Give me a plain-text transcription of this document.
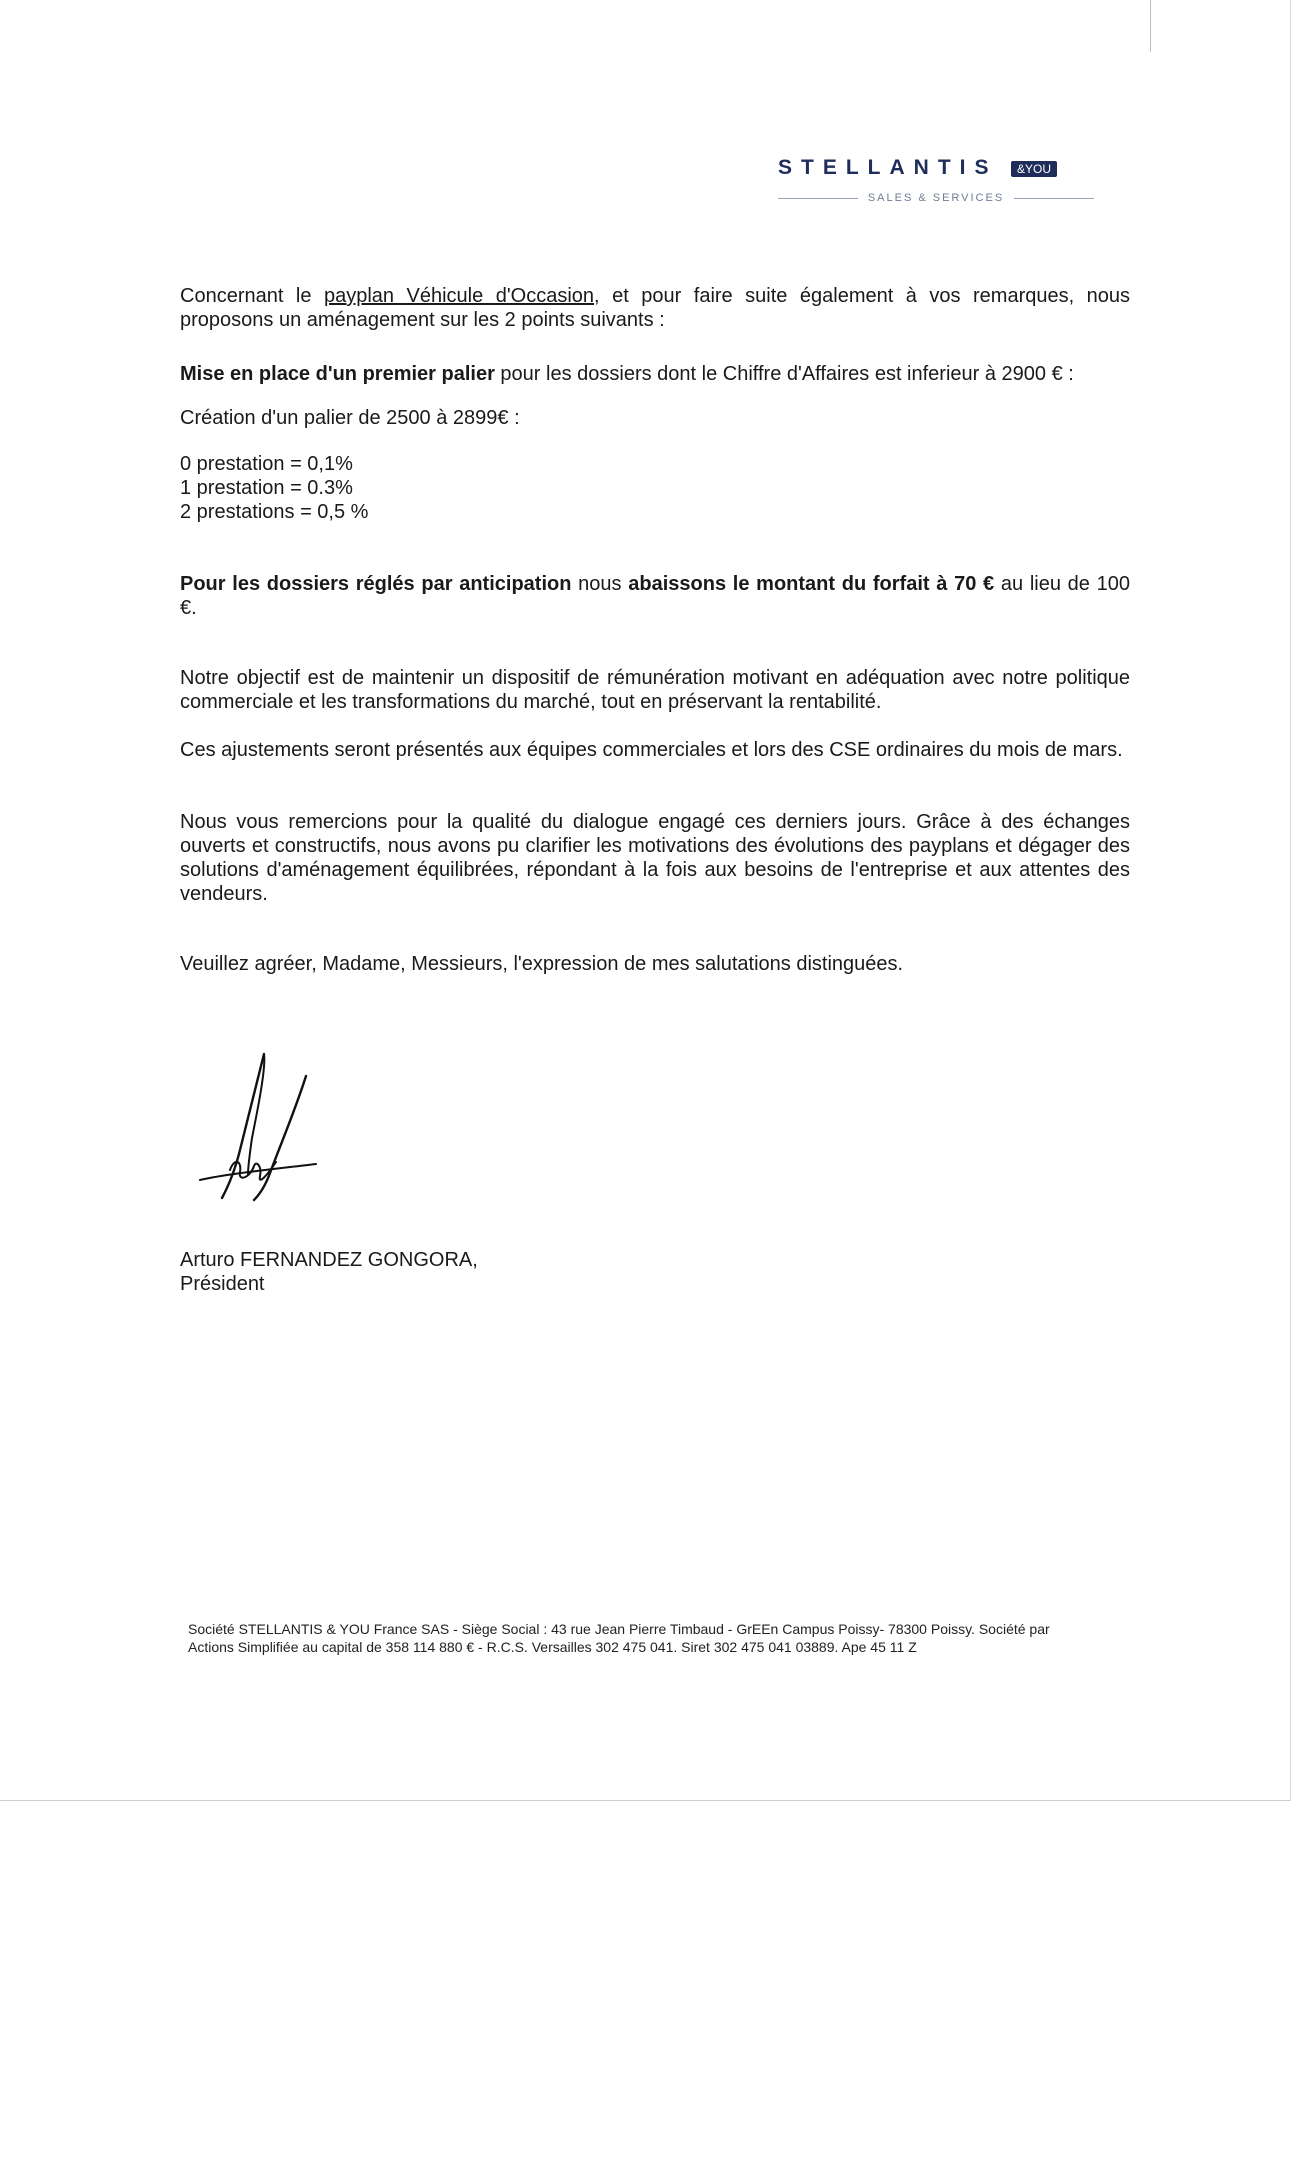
STELLANTIS	&YOU
SALES & SERVICES

Concernant le payplan Véhicule d'Occasion, et pour faire suite également à vos remarques, nous proposons un aménagement sur les 2 points suivants :

Mise en place d'un premier palier pour les dossiers dont le Chiffre d'Affaires est inferieur à 2900 € :

Création d'un palier de 2500 à 2899€ :

0 prestation = 0,1%
1 prestation = 0.3%
2 prestations = 0,5 %

Pour les dossiers réglés par anticipation nous abaissons le montant du forfait à 70 € au lieu de 100 €.

Notre objectif est de maintenir un dispositif de rémunération motivant en adéquation avec notre politique commerciale et les transformations du marché, tout en préservant la rentabilité.

Ces ajustements seront présentés aux équipes commerciales et lors des CSE ordinaires du mois de mars.

Nous vous remercions pour la qualité du dialogue engagé ces derniers jours. Grâce à des échanges ouverts et constructifs, nous avons pu clarifier les motivations des évolutions des payplans et dégager des solutions d'aménagement équilibrées, répondant à la fois aux besoins de l'entreprise et aux attentes des vendeurs.

Veuillez agréer, Madame, Messieurs, l'expression de mes salutations distinguées.

Arturo FERNANDEZ GONGORA,
Président
Société STELLANTIS & YOU France SAS - Siège Social : 43 rue Jean Pierre Timbaud - GrEEn Campus Poissy- 78300 Poissy. Société par
Actions Simplifiée au capital de 358 114 880 € - R.C.S. Versailles 302 475 041. Siret 302 475 041 03889. Ape 45 11 Z
